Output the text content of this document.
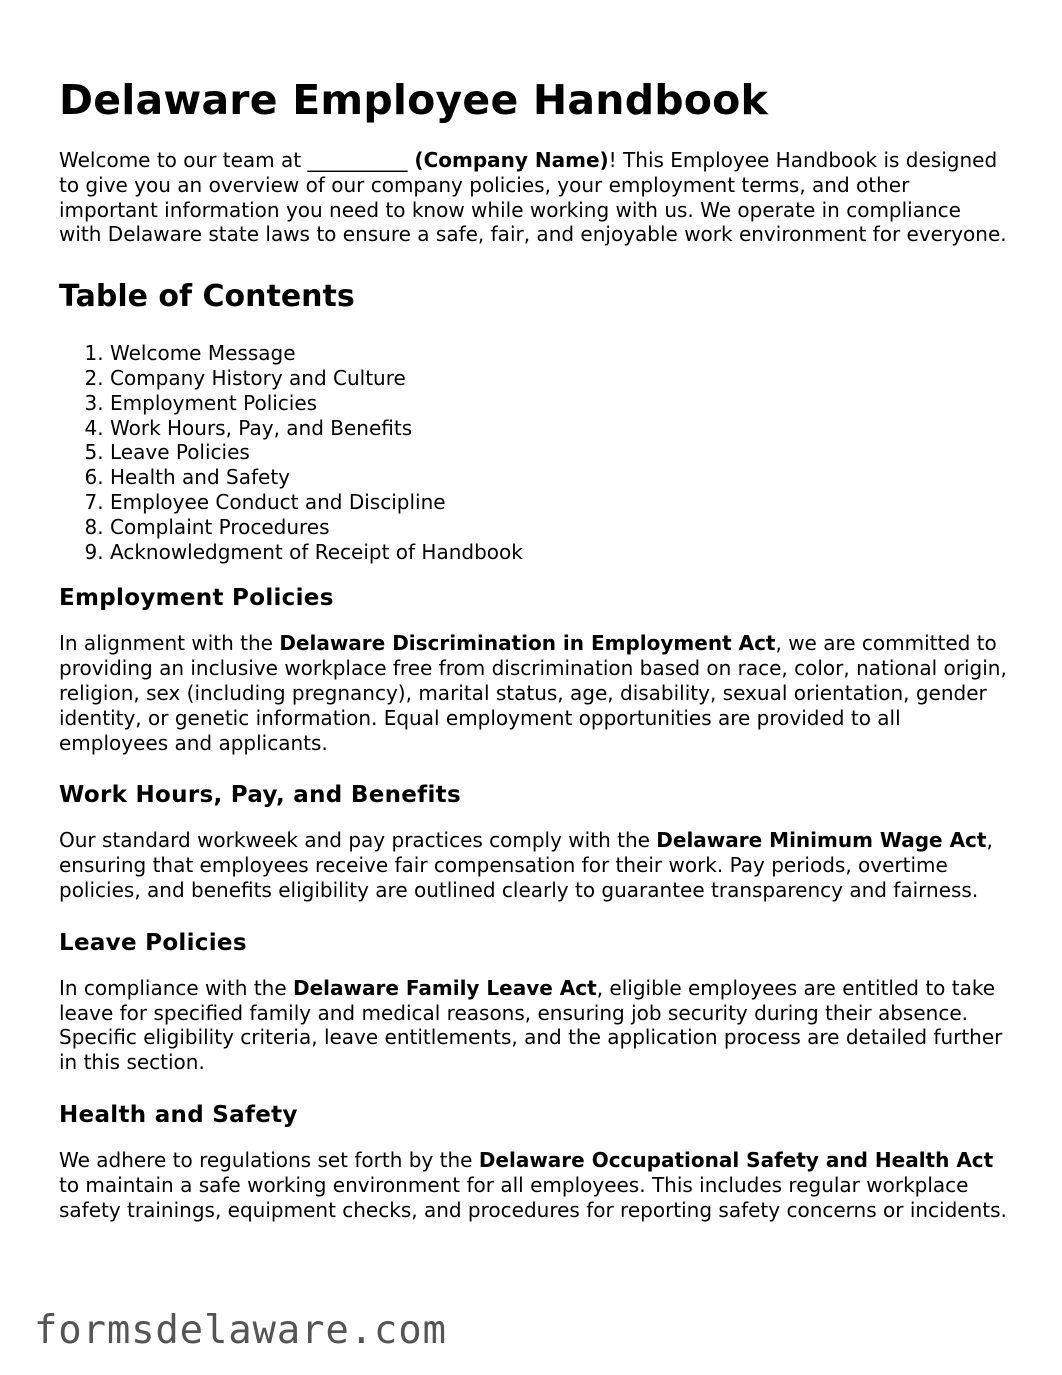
Delaware Employee Handbook

Welcome to our team at __________ (Company Name)! This Employee Handbook is designed to give you an overview of our company policies, your employment terms, and other important information you need to know while working with us. We operate in compliance with Delaware state laws to ensure a safe, fair, and enjoyable work environment for everyone.

Table of Contents
1. Welcome Message
2. Company History and Culture
3. Employment Policies
4. Work Hours, Pay, and Benefits
5. Leave Policies
6. Health and Safety
7. Employee Conduct and Discipline
8. Complaint Procedures
9. Acknowledgment of Receipt of Handbook
Employment Policies

In alignment with the Delaware Discrimination in Employment Act, we are committed to providing an inclusive workplace free from discrimination based on race, color, national origin, religion, sex (including pregnancy), marital status, age, disability, sexual orientation, gender identity, or genetic information. Equal employment opportunities are provided to all employees and applicants.

Work Hours, Pay, and Benefits

Our standard workweek and pay practices comply with the Delaware Minimum Wage Act, ensuring that employees receive fair compensation for their work. Pay periods, overtime policies, and benefits eligibility are outlined clearly to guarantee transparency and fairness.

Leave Policies

In compliance with the Delaware Family Leave Act, eligible employees are entitled to take leave for specified family and medical reasons, ensuring job security during their absence. Specific eligibility criteria, leave entitlements, and the application process are detailed further in this section.

Health and Safety

We adhere to regulations set forth by the Delaware Occupational Safety and Health Act to maintain a safe working environment for all employees. This includes regular workplace safety trainings, equipment checks, and procedures for reporting safety concerns or incidents.

formsdelaware.com
